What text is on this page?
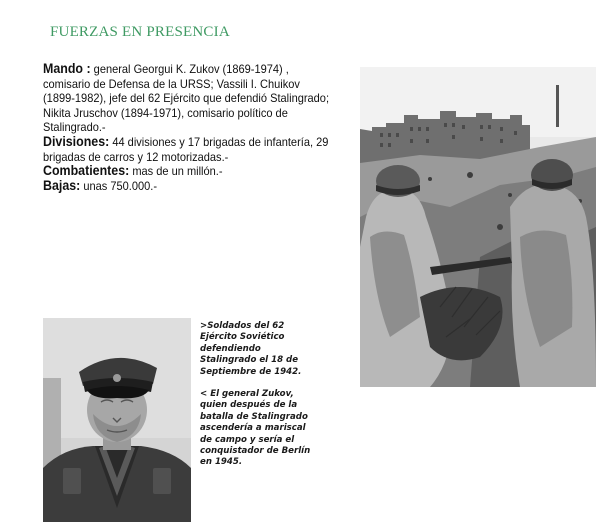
FUERZAS EN PRESENCIA

Mando : general Georgui K. Zukov (1869-1974) , comisario de Defensa de la URSS; Vassili I. Chuikov (1899-1982), jefe del 62 Ejército que defendió Stalingrado; Nikita Jruschov (1894-1971), comisario político de Stalingrado.-

Divisiones: 44 divisiones y 17 brigadas de infantería, 29 brigadas de carros y 12 motorizadas.-

Combatientes: mas de un millón.-

Bajas: unas 750.000.-

>Soldados del 62 Ejército Soviético defendiendo Stalingrado el 18 de Septiembre de 1942.

< El general Zukov, quien después de la batalla de Stalingrado ascendería a mariscal de campo y sería el conquistador de Berlín en 1945.
